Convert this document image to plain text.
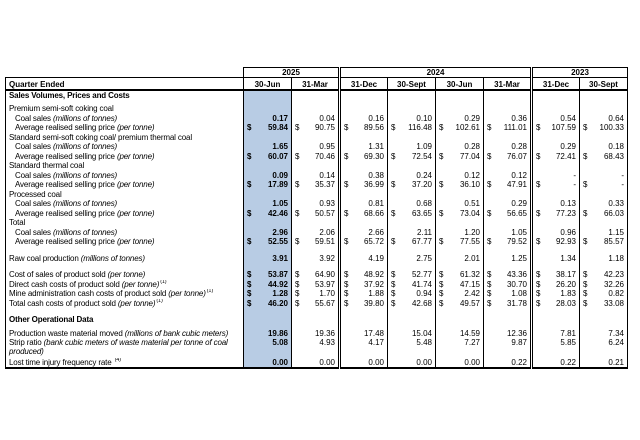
	2025		2024				2023	
Quarter Ended	30-Jun	31-Mar	31-Dec	30-Sept	30-Jun	31-Mar	31-Dec	30-Sept

Sales Volumes, Prices and Costs								

Premium semi-soft coking coal								

Coal sales (millions of tonnes)	0.17	0.04	0.16	0.10	0.29	0.36	0.54	0.64

Average realised selling price (per tonne)	$ 59.84	$ 90.75	$ 89.56	$ 116.48	$ 102.61	$ 111.01	$ 107.59	$ 100.33

Standard semi-soft coking coal/ premium thermal coal								

Coal sales (millions of tonnes)	1.65	0.95	1.31	1.09	0.28	0.28	0.29	0.18

Average realised selling price (per tonne)	$ 60.07	$ 70.46	$ 69.30	$ 72.54	$ 77.04	$ 76.07	$ 72.41	$ 68.43

Standard thermal coal								

Coal sales (millions of tonnes)	0.09	0.14	0.38	0.24	0.12	0.12	-	-

Average realised selling price (per tonne)	$ 17.89	$ 35.37	$ 36.99	$ 37.20	$ 36.10	$ 47.91	$ -	$ -

Processed coal								

Coal sales (millions of tonnes)	1.05	0.93	0.81	0.68	0.51	0.29	0.13	0.33

Average realised selling price (per tonne)	$ 42.46	$ 50.57	$ 68.66	$ 63.65	$ 73.04	$ 56.65	$ 77.23	$ 66.03

Total								

Coal sales (millions of tonnes)	2.96	2.06	2.66	2.11	1.20	1.05	0.96	1.15

Average realised selling price (per tonne)	$ 52.55	$ 59.51	$ 65.72	$ 67.77	$ 77.55	$ 79.52	$ 92.93	$ 85.57

Raw coal production (millions of tonnes)	3.91	3.92	4.19	2.75	2.01	1.25	1.34	1.18

Cost of sales of product sold (per tonne)	$ 53.87	$ 64.90	$ 48.92	$ 52.77	$ 61.32	$ 43.36	$ 38.17	$ 42.23

Direct cash costs of product sold (per tonne)$^{(1)}$	$ 44.92	$ 53.97	$ 37.92	$ 41.74	$ 47.15	$ 30.70	$ 26.20	$ 32.26

Mine administration cash costs of product sold (per tonne)$^{(1)}$	$ 1.28	$ 1.70	$ 1.88	$ 0.94	$ 2.42	$ 1.08	$ 1.83	$ 0.82

Total cash costs of product sold (per tonne)$^{(1)}$	$ 46.20	$ 55.67	$ 39.80	$ 42.68	$ 49.57	$ 31.78	$ 28.03	$ 33.08

Other Operational Data								

Production waste material moved (millions of bank cubic meters)	19.86	19.36	17.48	15.04	14.59	12.36	7.81	7.34

Strip ratio (bank cubic meters of waste material per tonne of coal produced)	5.08	4.93	4.17	5.48	7.27	9.87	5.85	6.24

Lost time injury frequency rate $^{(4)}$	0.00	0.00	0.00	0.00	0.00	0.22	0.22	0.21
